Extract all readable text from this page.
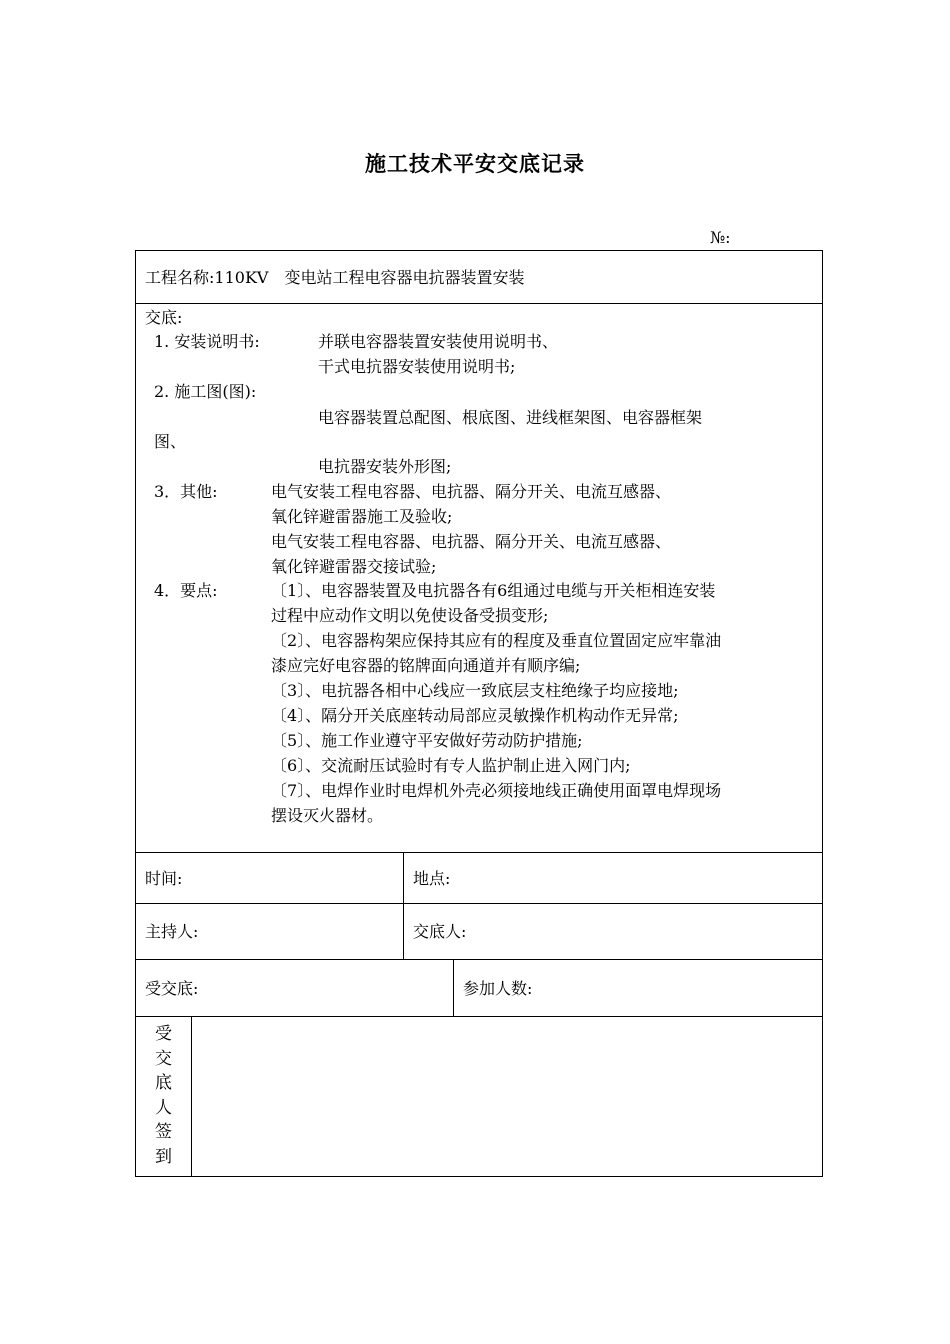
施工技术平安交底记录
№:
工程名称:110KV　变电站工程电容器电抗器装置安装
交底:
1. 安装说明书:	并联电容器装置安装使用说明书、
干式电抗器安装使用说明书;
2. 施工图(图):
电容器装置总配图、根底图、进线框架图、电容器框架
图、
电抗器安装外形图;
3．其他:	电气安装工程电容器、电抗器、隔分开关、电流互感器、
氧化锌避雷器施工及验收;
电气安装工程电容器、电抗器、隔分开关、电流互感器、
氧化锌避雷器交接试验;
4．要点:	〔1〕、电容器装置及电抗器各有6组通过电缆与开关柜相连安装
过程中应动作文明以免使设备受损变形;
〔2〕、电容器构架应保持其应有的程度及垂直位置固定应牢靠油
漆应完好电容器的铭牌面向通道并有顺序编;
〔3〕、电抗器各相中心线应一致底层支柱绝缘子均应接地;
〔4〕、隔分开关底座转动局部应灵敏操作机构动作无异常;
〔5〕、施工作业遵守平安做好劳动防护措施;
〔6〕、交流耐压试验时有专人监护制止进入网门内;
〔7〕、电焊作业时电焊机外壳必须接地线正确使用面罩电焊现场
摆设灭火器材。
时间:	地点:
主持人:	交底人:
受交底:	参加人数:
受
交
底
人
签
到
